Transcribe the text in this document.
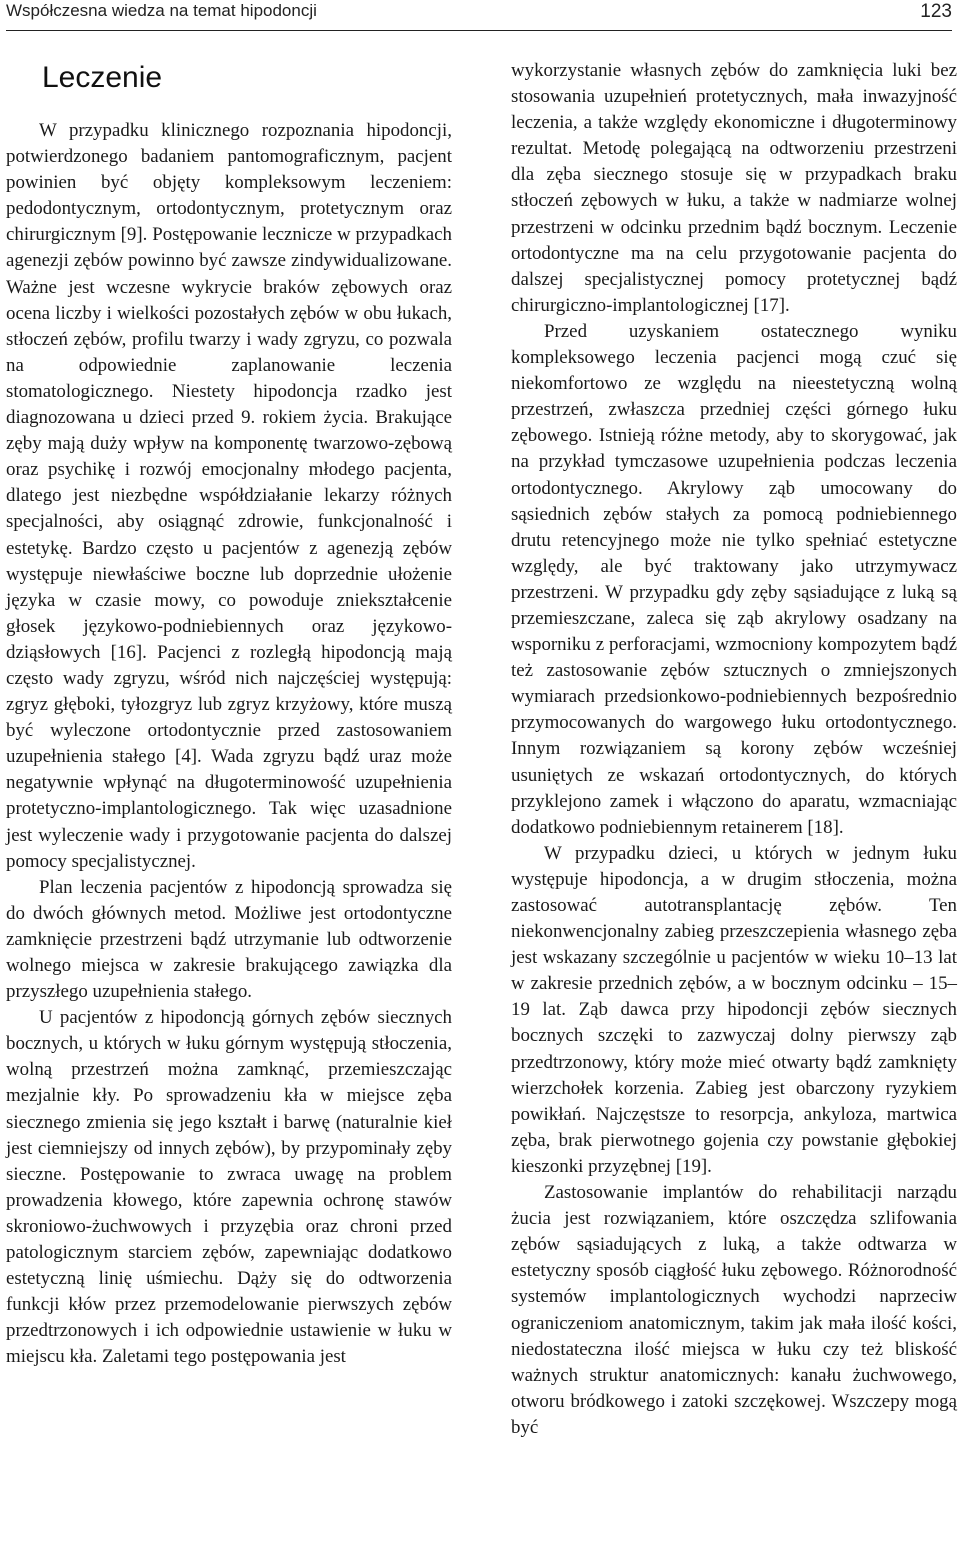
Współczesna wiedza na temat hipodoncji	123
Leczenie

W przypadku klinicznego rozpoznania hipodoncji, potwierdzonego badaniem pantomograficznym, pacjent powinien być objęty kompleksowym leczeniem: pedodontycznym, ortodontycznym, protetycznym oraz chirurgicznym [9]. Postępowanie lecznicze w przypadkach agenezji zębów powinno być zawsze zindywidualizowane. Ważne jest wczesne wykrycie braków zębowych oraz ocena liczby i wielkości pozostałych zębów w obu łukach, stłoczeń zębów, profilu twarzy i wady zgryzu, co pozwala na odpowiednie zaplanowanie leczenia stomatologicznego. Niestety hipodoncja rzadko jest diagnozowana u dzieci przed 9. rokiem życia. Brakujące zęby mają duży wpływ na komponentę twarzowo-zębową oraz psychikę i rozwój emocjonalny młodego pacjenta, dlatego jest niezbędne współdziałanie lekarzy różnych specjalności, aby osiągnąć zdrowie, funkcjonalność i estetykę. Bardzo często u pacjentów z agenezją zębów występuje niewłaściwe boczne lub doprzednie ułożenie języka w czasie mowy, co powoduje zniekształcenie głosek językowo-podniebiennych oraz językowo-dziąsłowych [16]. Pacjenci z rozległą hipodoncją mają często wady zgryzu, wśród nich najczęściej występują: zgryz głęboki, tyłozgryz lub zgryz krzyżowy, które muszą być wyleczone ortodontycznie przed zastosowaniem uzupełnienia stałego [4]. Wada zgryzu bądź uraz może negatywnie wpłynąć na długoterminowość uzupełnienia protetyczno-implantologicznego. Tak więc uzasadnione jest wyleczenie wady i przygotowanie pacjenta do dalszej pomocy specjalistycznej.

Plan leczenia pacjentów z hipodoncją sprowadza się do dwóch głównych metod. Możliwe jest ortodontyczne zamknięcie przestrzeni bądź utrzymanie lub odtworzenie wolnego miejsca w zakresie brakującego zawiązka dla przyszłego uzupełnienia stałego.

U pacjentów z hipodoncją górnych zębów siecznych bocznych, u których w łuku górnym występują stłoczenia, wolną przestrzeń można zamknąć, przemieszczając mezjalnie kły. Po sprowadzeniu kła w miejsce zęba siecznego zmienia się jego kształt i barwę (naturalnie kieł jest ciemniejszy od innych zębów), by przypominały zęby sieczne. Postępowanie to zwraca uwagę na problem prowadzenia kłowego, które zapewnia ochronę stawów skroniowo-żuchwowych i przyzębia oraz chroni przed patologicznym starciem zębów, zapewniając dodatkowo estetyczną linię uśmiechu. Dąży się do odtworzenia funkcji kłów przez przemodelowanie pierwszych zębów przedtrzonowych i ich odpowiednie ustawienie w łuku w miejscu kła. Zaletami tego postępowania jest

wykorzystanie własnych zębów do zamknięcia luki bez stosowania uzupełnień protetycznych, mała inwazyjność leczenia, a także względy ekonomiczne i długoterminowy rezultat. Metodę polegającą na odtworzeniu przestrzeni dla zęba siecznego stosuje się w przypadkach braku stłoczeń zębowych w łuku, a także w nadmiarze wolnej przestrzeni w odcinku przednim bądź bocznym. Leczenie ortodontyczne ma na celu przygotowanie pacjenta do dalszej specjalistycznej pomocy protetycznej bądź chirurgiczno-implantologicznej [17].

Przed uzyskaniem ostatecznego wyniku kompleksowego leczenia pacjenci mogą czuć się niekomfortowo ze względu na nieestetyczną wolną przestrzeń, zwłaszcza przedniej części górnego łuku zębowego. Istnieją różne metody, aby to skorygować, jak na przykład tymczasowe uzupełnienia podczas leczenia ortodontycznego. Akrylowy ząb umocowany do sąsiednich zębów stałych za pomocą podniebiennego drutu retencyjnego może nie tylko spełniać estetyczne względy, ale być traktowany jako utrzymywacz przestrzeni. W przypadku gdy zęby sąsiadujące z luką są przemieszczane, zaleca się ząb akrylowy osadzany na wsporniku z perforacjami, wzmocniony kompozytem bądź też zastosowanie zębów sztucznych o zmniejszonych wymiarach przedsionkowo-podniebiennych bezpośrednio przymocowanych do wargowego łuku ortodontycznego. Innym rozwiązaniem są korony zębów wcześniej usuniętych ze wskazań ortodontycznych, do których przyklejono zamek i włączono do aparatu, wzmacniając dodatkowo podniebiennym retainerem [18].

W przypadku dzieci, u których w jednym łuku występuje hipodoncja, a w drugim stłoczenia, można zastosować autotransplantację zębów. Ten niekonwencjonalny zabieg przeszczepienia własnego zęba jest wskazany szczególnie u pacjentów w wieku 10–13 lat w zakresie przednich zębów, a w bocznym odcinku – 15–19 lat. Ząb dawca przy hipodoncji zębów siecznych bocznych szczęki to zazwyczaj dolny pierwszy ząb przedtrzonowy, który może mieć otwarty bądź zamknięty wierzchołek korzenia. Zabieg jest obarczony ryzykiem powikłań. Najczęstsze to resorpcja, ankyloza, martwica zęba, brak pierwotnego gojenia czy powstanie głębokiej kieszonki przyzębnej [19].

Zastosowanie implantów do rehabilitacji narządu żucia jest rozwiązaniem, które oszczędza szlifowania zębów sąsiadujących z luką, a także odtwarza w estetyczny sposób ciągłość łuku zębowego. Różnorodność systemów implantologicznych wychodzi naprzeciw ograniczeniom anatomicznym, takim jak mała ilość kości, niedostateczna ilość miejsca w łuku czy też bliskość ważnych struktur anatomicznych: kanału żuchwowego, otworu bródkowego i zatoki szczękowej. Wszczepy mogą być
